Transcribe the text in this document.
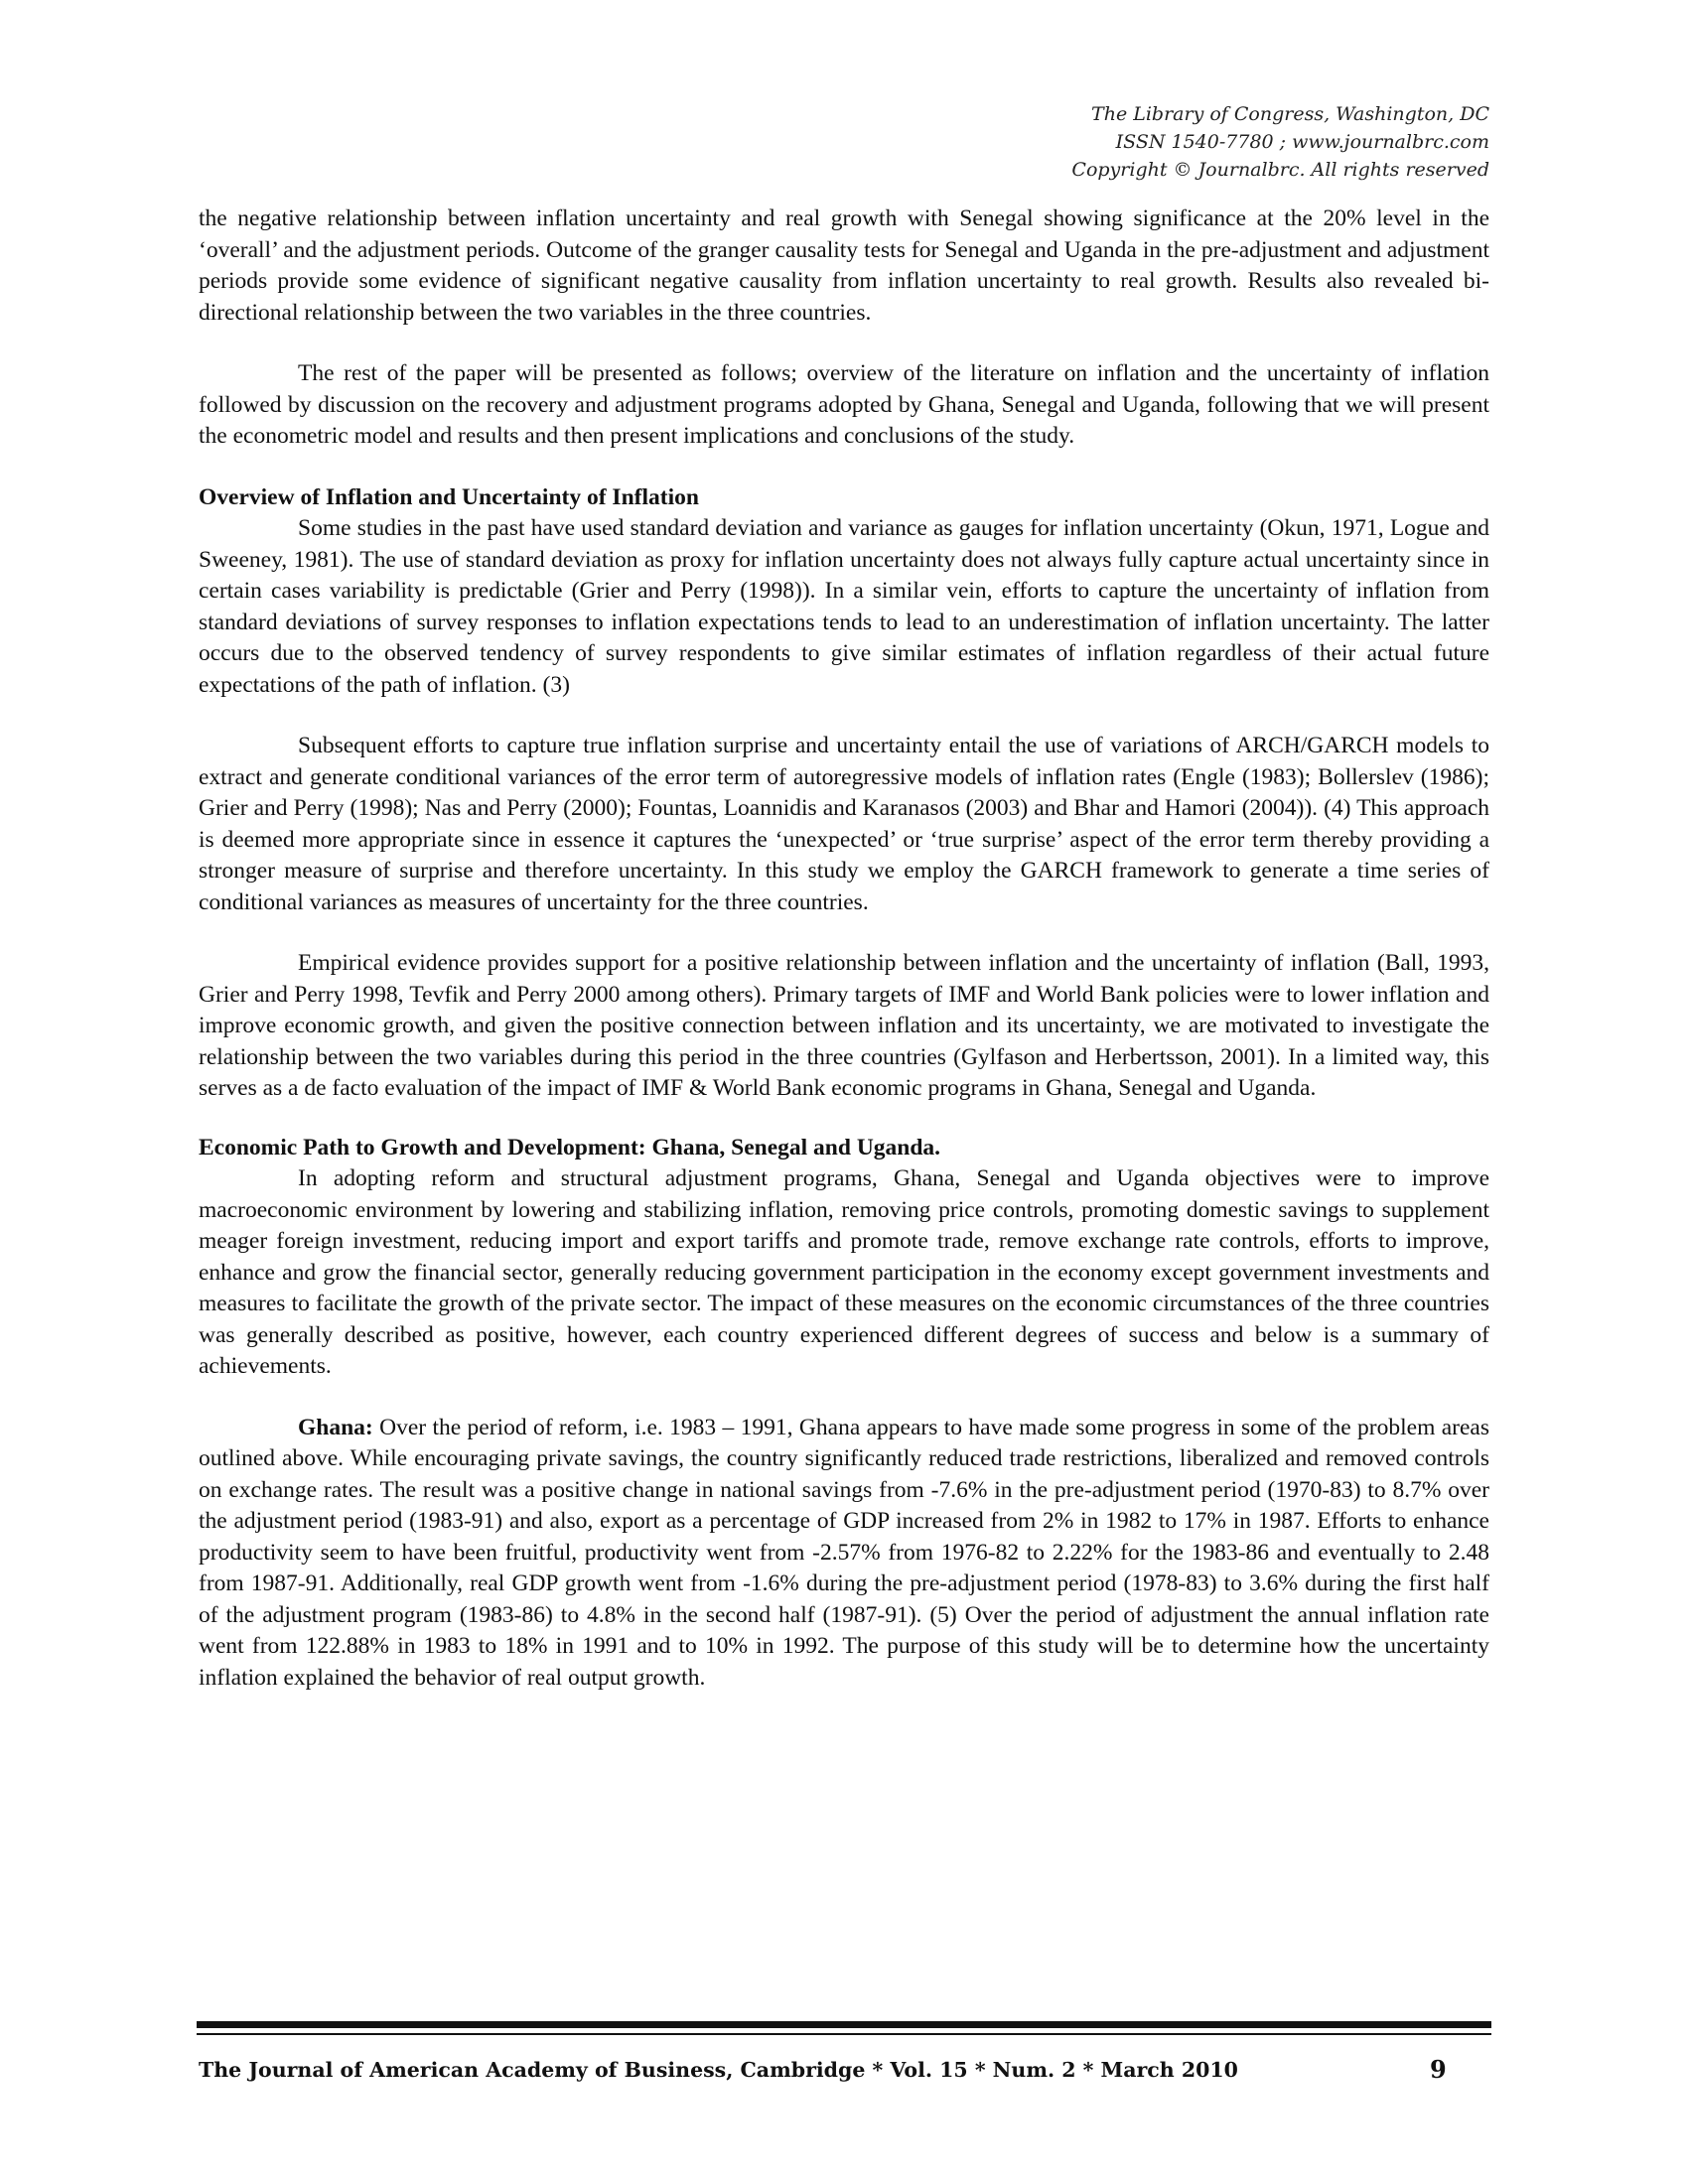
The Library of Congress, Washington, DC
ISSN 1540-7780 ; www.journalbrc.com
Copyright © Journalbrc. All rights reserved

the negative relationship between inflation uncertainty and real growth with Senegal showing significance at the 20% level in the ‘overall’ and the adjustment periods. Outcome of the granger causality tests for Senegal and Uganda in the pre-adjustment and adjustment periods provide some evidence of significant negative causality from inflation uncertainty to real growth. Results also revealed bi-directional relationship between the two variables in the three countries.

The rest of the paper will be presented as follows; overview of the literature on inflation and the uncertainty of inflation followed by discussion on the recovery and adjustment programs adopted by Ghana, Senegal and Uganda, following that we will present the econometric model and results and then present implications and conclusions of the study.

Overview of Inflation and Uncertainty of Inflation

Some studies in the past have used standard deviation and variance as gauges for inflation uncertainty (Okun, 1971, Logue and Sweeney, 1981). The use of standard deviation as proxy for inflation uncertainty does not always fully capture actual uncertainty since in certain cases variability is predictable (Grier and Perry (1998)). In a similar vein, efforts to capture the uncertainty of inflation from standard deviations of survey responses to inflation expectations tends to lead to an underestimation of inflation uncertainty. The latter occurs due to the observed tendency of survey respondents to give similar estimates of inflation regardless of their actual future expectations of the path of inflation. (3)

Subsequent efforts to capture true inflation surprise and uncertainty entail the use of variations of ARCH/GARCH models to extract and generate conditional variances of the error term of autoregressive models of inflation rates (Engle (1983); Bollerslev (1986); Grier and Perry (1998); Nas and Perry (2000); Fountas, Loannidis and Karanasos (2003) and Bhar and Hamori (2004)). (4) This approach is deemed more appropriate since in essence it captures the ‘unexpected’ or ‘true surprise’ aspect of the error term thereby providing a stronger measure of surprise and therefore uncertainty. In this study we employ the GARCH framework to generate a time series of conditional variances as measures of uncertainty for the three countries.

Empirical evidence provides support for a positive relationship between inflation and the uncertainty of inflation (Ball, 1993, Grier and Perry 1998, Tevfik and Perry 2000 among others). Primary targets of IMF and World Bank policies were to lower inflation and improve economic growth, and given the positive connection between inflation and its uncertainty, we are motivated to investigate the relationship between the two variables during this period in the three countries (Gylfason and Herbertsson, 2001). In a limited way, this serves as a de facto evaluation of the impact of IMF & World Bank economic programs in Ghana, Senegal and Uganda.

Economic Path to Growth and Development: Ghana, Senegal and Uganda.

In adopting reform and structural adjustment programs, Ghana, Senegal and Uganda objectives were to improve macroeconomic environment by lowering and stabilizing inflation, removing price controls, promoting domestic savings to supplement meager foreign investment, reducing import and export tariffs and promote trade, remove exchange rate controls, efforts to improve, enhance and grow the financial sector, generally reducing government participation in the economy except government investments and measures to facilitate the growth of the private sector. The impact of these measures on the economic circumstances of the three countries was generally described as positive, however, each country experienced different degrees of success and below is a summary of achievements.

Ghana: Over the period of reform, i.e. 1983 – 1991, Ghana appears to have made some progress in some of the problem areas outlined above. While encouraging private savings, the country significantly reduced trade restrictions, liberalized and removed controls on exchange rates. The result was a positive change in national savings from -7.6% in the pre-adjustment period (1970-83) to 8.7% over the adjustment period (1983-91) and also, export as a percentage of GDP increased from 2% in 1982 to 17% in 1987. Efforts to enhance productivity seem to have been fruitful, productivity went from -2.57% from 1976-82 to 2.22% for the 1983-86 and eventually to 2.48 from 1987-91. Additionally, real GDP growth went from -1.6% during the pre-adjustment period (1978-83) to 3.6% during the first half of the adjustment program (1983-86) to 4.8% in the second half (1987-91). (5) Over the period of adjustment the annual inflation rate went from 122.88% in 1983 to 18% in 1991 and to 10% in 1992. The purpose of this study will be to determine how the uncertainty inflation explained the behavior of real output growth.

The Journal of American Academy of Business, Cambridge * Vol. 15 * Num. 2 * March 2010	9
